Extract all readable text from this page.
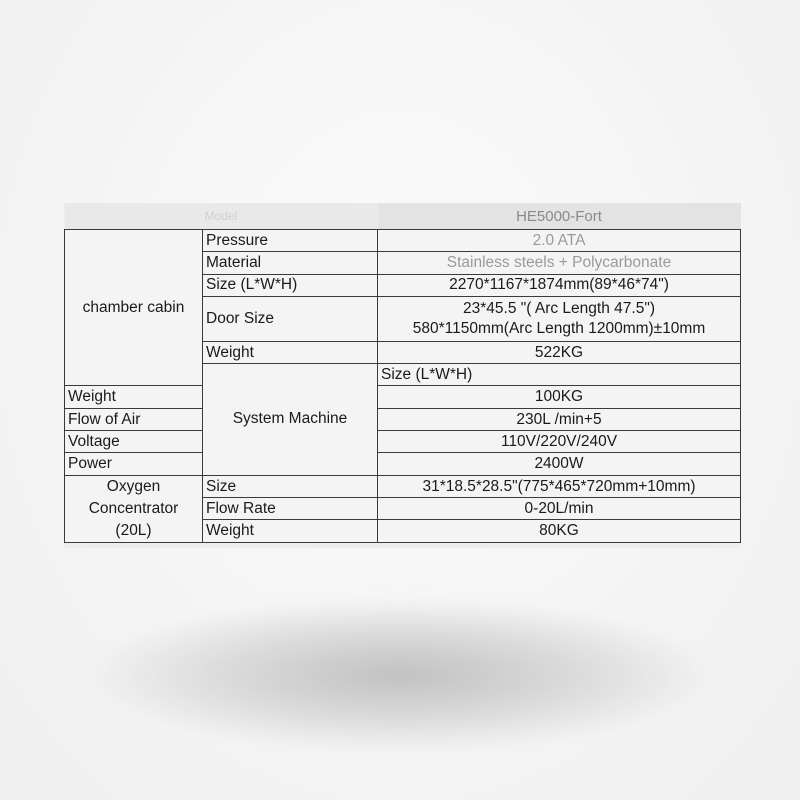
Model		HE5000-Fort	
chamber cabin	Pressure	2.0 ATA	
	Material	Stainless steels + Polycarbonate	
	Size (L*W*H)	2270*1167*1874mm(89*46*74")	
	Door Size	23*45.5 "( Arc Length 47.5")
580*1150mm(Arc Length 1200mm)±10mm	

	Weight	522KG	
	System Machine	Size (L*W*H)	
Weight		100KG	
Flow of Air		230L /min+5	
Voltage		110V/220V/240V	
Power		2400W	
Oxygen Concentrator (20L)	Size	31*18.5*28.5"(775*465*720mm+10mm)	
	Flow Rate	0-20L/min	
	Weight	80KG	
